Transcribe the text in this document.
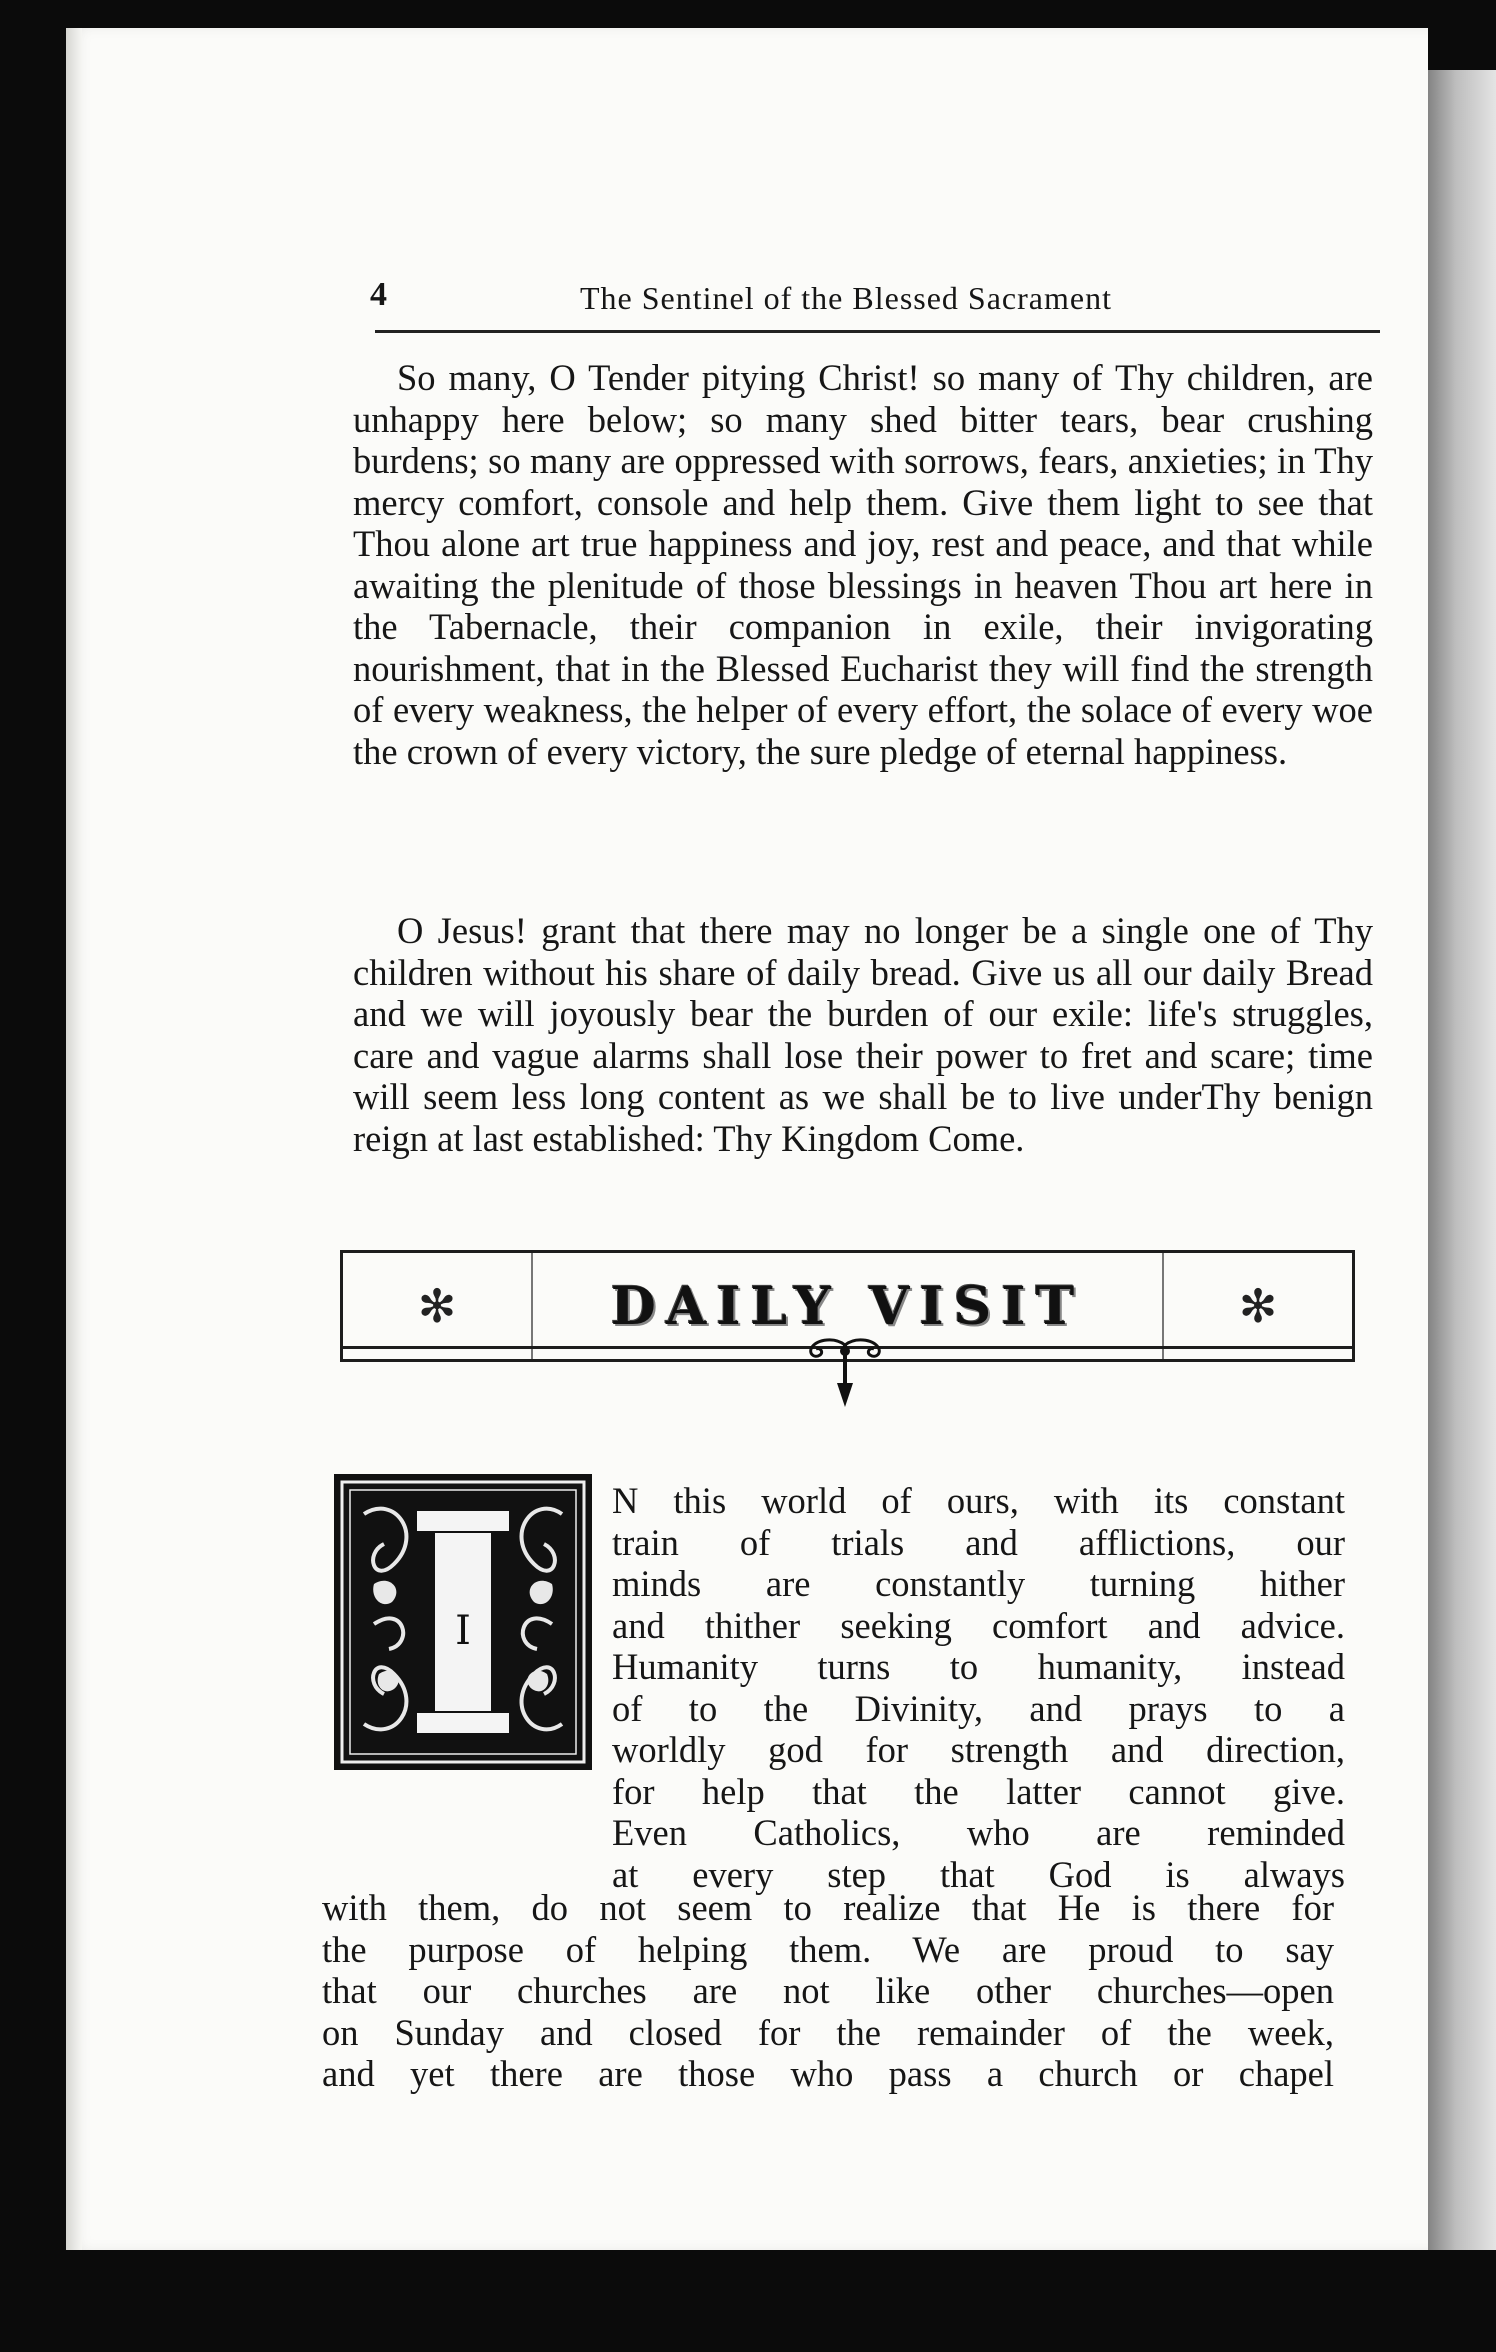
4	The Sentinel of the Blessed Sacrament

So many, O Tender pitying Christ! so many of Thy children, are unhappy here below; so many shed bitter tears, bear crushing burdens; so many are oppressed with sorrows, fears, anxieties; in Thy mercy comfort, console and help them. Give them light to see that Thou alone art true happiness and joy, rest and peace, and that while awaiting the plenitude of those blessings in heaven Thou art here in the Tabernacle, their companion in exile, their invigorating nourishment, that in the Blessed Eucharist they will find the strength of every weakness, the helper of every effort, the solace of every woe the crown of every victory, the sure pledge of eternal happiness.

O Jesus! grant that there may no longer be a single one of Thy children without his share of daily bread. Give us all our daily Bread and we will joyously bear the burden of our exile: life's struggles, care and vague alarms shall lose their power to fret and scare; time will seem less long content as we shall be to live underThy benign reign at last established: Thy Kingdom Come.

✻	DAILY VISIT	✻
I
N this world of ours, with its constant
train of trials and afflictions, our
minds are constantly turning hither
and thither seeking comfort and advice.
Humanity turns to humanity, instead
of to the Divinity, and prays to a
worldly god for strength and direction,
for help that the latter cannot give.
Even Catholics, who are reminded
at every step that God is always
with them, do not seem to realize that He is there for
the purpose of helping them. We are proud to say
that our churches are not like other churches—open
on Sunday and closed for the remainder of the week,
and yet there are those who pass a church or chapel
